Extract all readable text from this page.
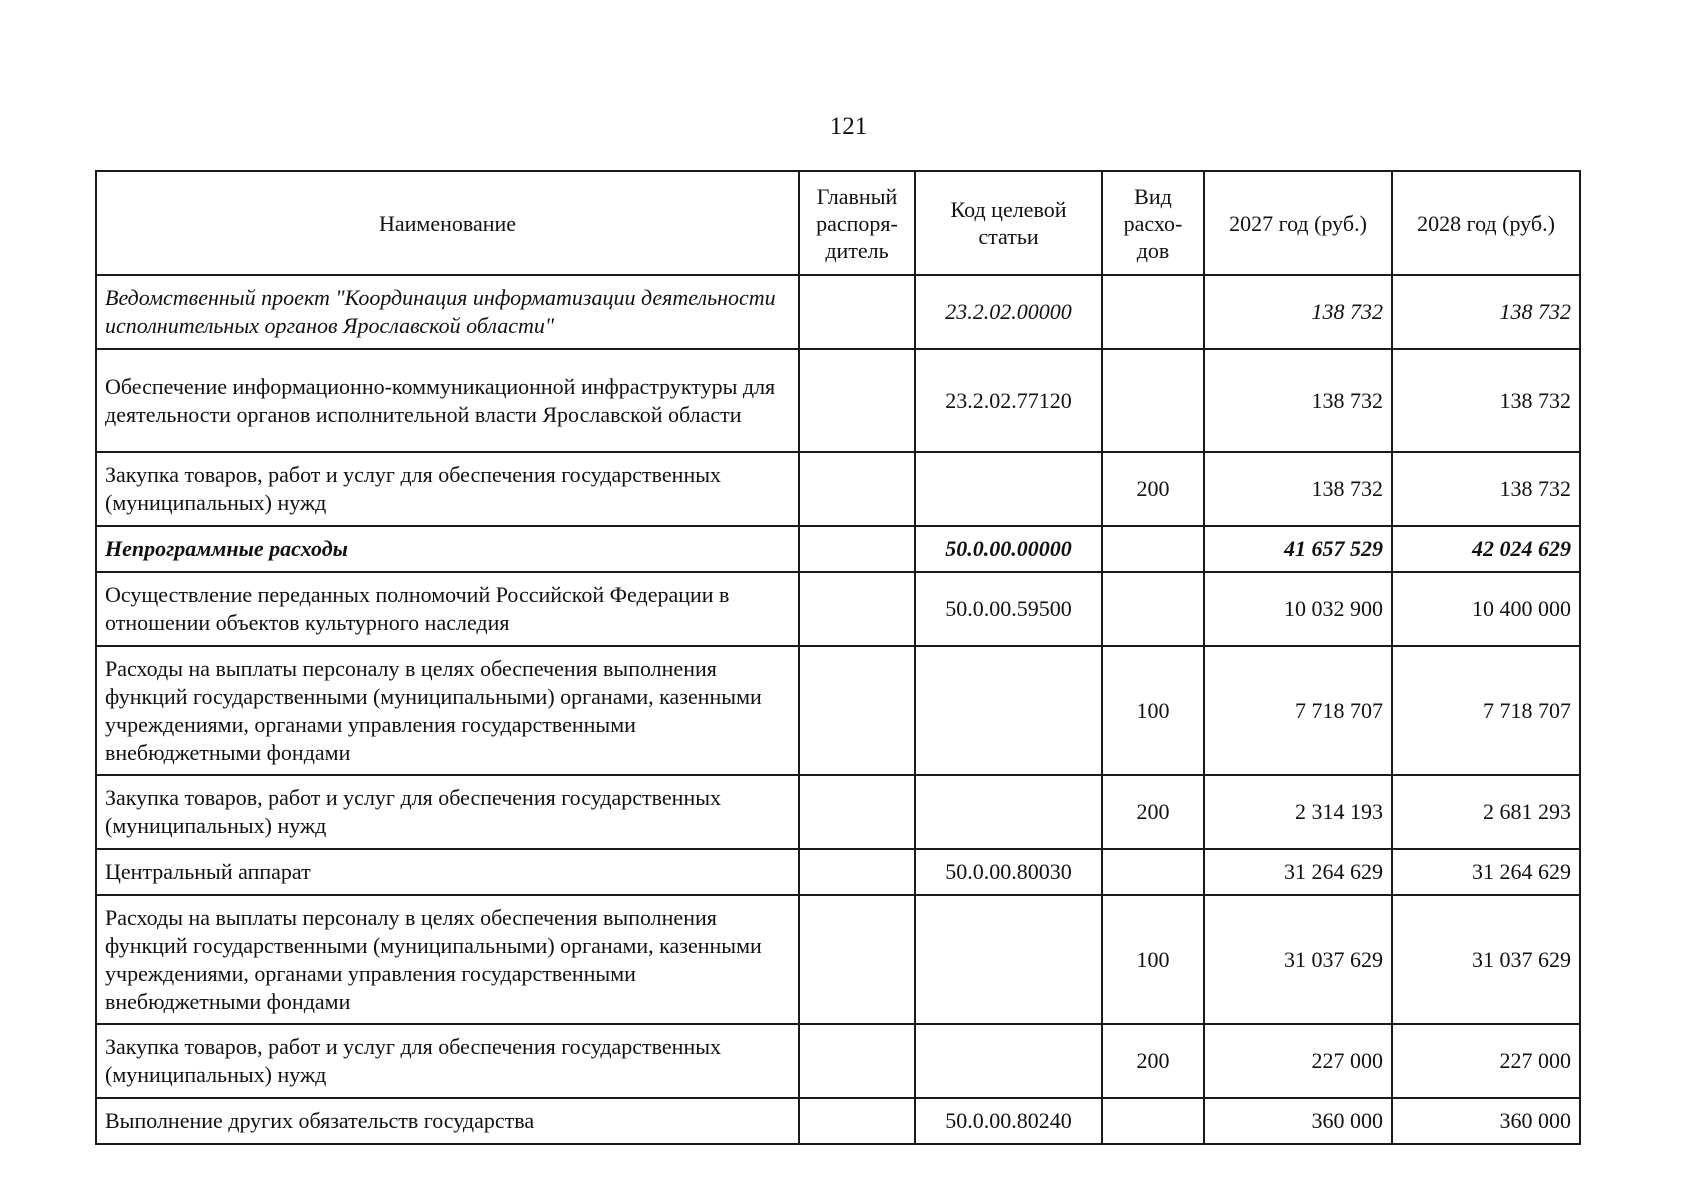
121
Наименование	Главный распоря-дитель	Код целевой статьи	Вид расхо-дов	2027 год (руб.)	2028 год (руб.)
Ведомственный проект "Координация информатизации деятельности исполнительных органов Ярославской области"		23.2.02.00000		138 732	138 732
Обеспечение информационно-коммуникационной инфраструктуры для деятельности органов исполнительной власти Ярославской области		23.2.02.77120		138 732	138 732
Закупка товаров, работ и услуг для обеспечения государственных (муниципальных) нужд			200	138 732	138 732
Непрограммные расходы		50.0.00.00000		41 657 529	42 024 629
Осуществление переданных полномочий Российской Федерации в отношении объектов культурного наследия		50.0.00.59500		10 032 900	10 400 000
Расходы на выплаты персоналу в целях обеспечения выполнения функций государственными (муниципальными) органами, казенными учреждениями, органами управления государственными внебюджетными фондами			100	7 718 707	7 718 707
Закупка товаров, работ и услуг для обеспечения государственных (муниципальных) нужд			200	2 314 193	2 681 293
Центральный аппарат		50.0.00.80030		31 264 629	31 264 629
Расходы на выплаты персоналу в целях обеспечения выполнения функций государственными (муниципальными) органами, казенными учреждениями, органами управления государственными внебюджетными фондами			100	31 037 629	31 037 629
Закупка товаров, работ и услуг для обеспечения государственных (муниципальных) нужд			200	227 000	227 000
Выполнение других обязательств государства		50.0.00.80240		360 000	360 000
